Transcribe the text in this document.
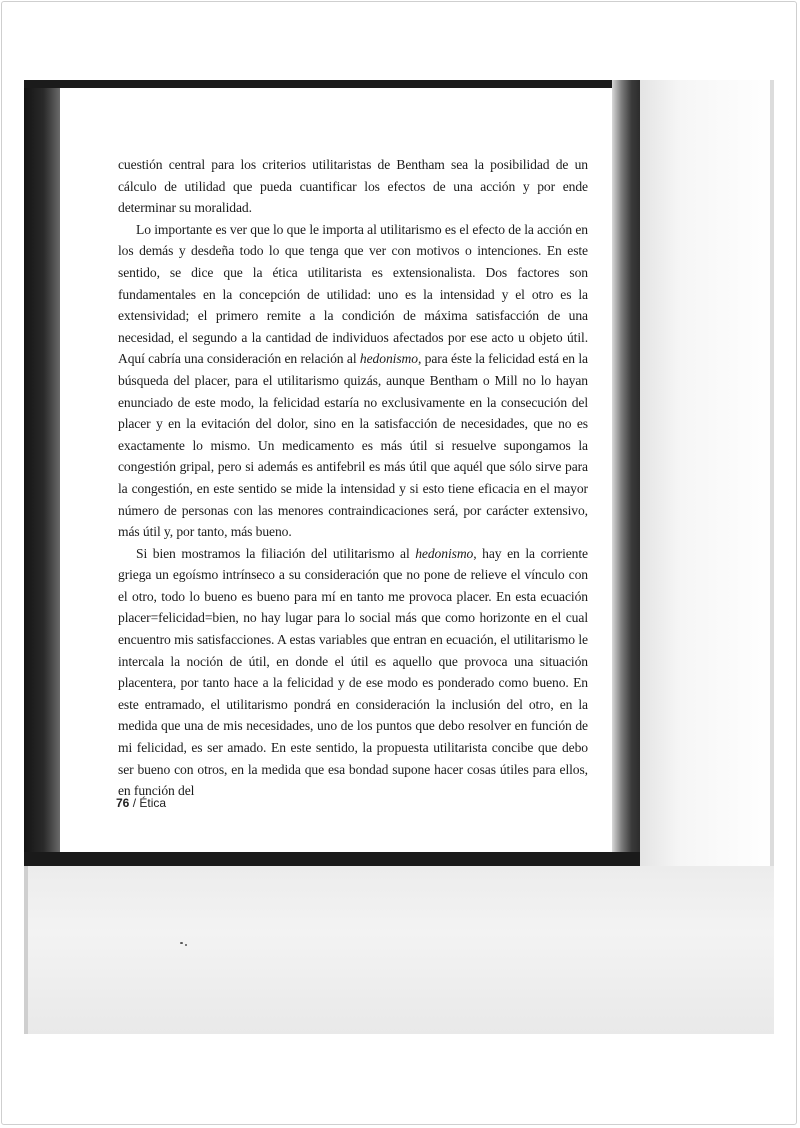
cuestión central para los criterios utilitaristas de Bentham sea la posibilidad de un cálculo de utilidad que pueda cuantificar los efectos de una acción y por ende determinar su moralidad.

Lo importante es ver que lo que le importa al utilitarismo es el efecto de la acción en los demás y desdeña todo lo que tenga que ver con motivos o intenciones. En este sentido, se dice que la ética utilitarista es extensionalista. Dos factores son fundamentales en la concepción de utilidad: uno es la intensidad y el otro es la extensividad; el primero remite a la condición de máxima satisfacción de una necesidad, el segundo a la cantidad de individuos afectados por ese acto u objeto útil. Aquí cabría una consideración en relación al hedonismo, para éste la felicidad está en la búsqueda del placer, para el utilitarismo quizás, aunque Bentham o Mill no lo hayan enunciado de este modo, la felicidad estaría no exclusivamente en la consecución del placer y en la evitación del dolor, sino en la satisfacción de necesidades, que no es exactamente lo mismo. Un medicamento es más útil si resuelve supongamos la congestión gripal, pero si además es antifebril es más útil que aquél que sólo sirve para la congestión, en este sentido se mide la intensidad y si esto tiene eficacia en el mayor número de personas con las menores contraindicaciones será, por carácter extensivo, más útil y, por tanto, más bueno.

Si bien mostramos la filiación del utilitarismo al hedonismo, hay en la corriente griega un egoísmo intrínseco a su consideración que no pone de relieve el vínculo con el otro, todo lo bueno es bueno para mí en tanto me provoca placer. En esta ecuación placer=felicidad=bien, no hay lugar para lo social más que como horizonte en el cual encuentro mis satisfacciones. A estas variables que entran en ecuación, el utilitarismo le intercala la noción de útil, en donde el útil es aquello que provoca una situación placentera, por tanto hace a la felicidad y de ese modo es ponderado como bueno. En este entramado, el utilitarismo pondrá en consideración la inclusión del otro, en la medida que una de mis necesidades, uno de los puntos que debo resolver en función de mi felicidad, es ser amado. En este sentido, la propuesta utilitarista concibe que debo ser bueno con otros, en la medida que esa bondad supone hacer cosas útiles para ellos, en función del

76 / Ética
